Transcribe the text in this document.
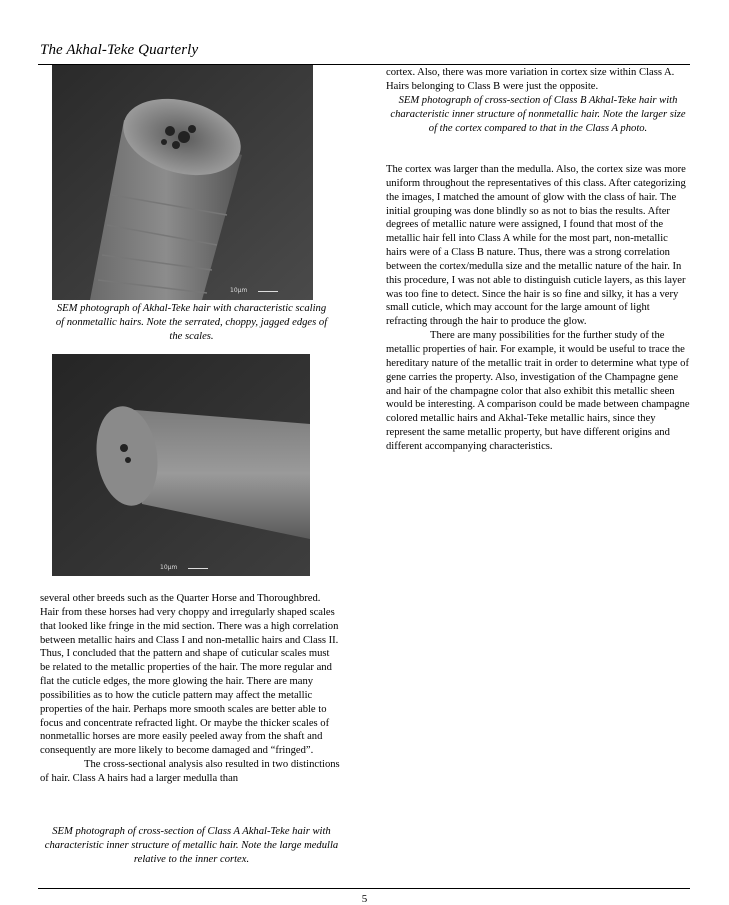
The Akhal-Teke Quarterly
10µm
SEM photograph of Akhal-Teke hair with characteristic scaling of nonmetallic hairs. Note the serrated, choppy, jagged edges of the scales.
10µm

several other breeds such as the Quarter Horse and Thoroughbred. Hair from these horses had very choppy and irregularly shaped scales that looked like fringe in the mid section. There was a high correlation between metallic hairs and Class I and non-metallic hairs and Class II. Thus, I concluded that the pattern and shape of cuticular scales must be related to the metallic properties of the hair. The more regular and flat the cuticle edges, the more glowing the hair. There are many possibilities as to how the cuticle pattern may affect the metallic properties of the hair. Perhaps more smooth scales are better able to focus and concentrate refracted light. Or maybe the thicker scales of nonmetallic horses are more easily peeled away from the shaft and consequently are more likely to become damaged and “fringed”.

The cross-sectional analysis also resulted in two distinctions of hair. Class A hairs had a larger medulla than

SEM photograph of cross-section of Class A Akhal-Teke hair with characteristic inner structure of metallic hair. Note the large medulla relative to the inner cortex.

cortex. Also, there was more variation in cortex size within Class A. Hairs belonging to Class B were just the opposite.

SEM photograph of cross-section of Class B Akhal-Teke hair with characteristic inner structure of nonmetallic hair. Note the larger size of the cortex compared to that in the Class A photo.

The cortex was larger than the medulla. Also, the cortex size was more uniform throughout the representatives of this class. After categorizing the images, I matched the amount of glow with the class of hair. The initial grouping was done blindly so as not to bias the results. After degrees of metallic nature were assigned, I found that most of the metallic hair fell into Class A while for the most part, non-metallic hairs were of a Class B nature. Thus, there was a strong correlation between the cortex/medulla size and the metallic nature of the hair. In this procedure, I was not able to distinguish cuticle layers, as this layer was too fine to detect. Since the hair is so fine and silky, it has a very small cuticle, which may account for the large amount of light refracting through the hair to produce the glow.

There are many possibilities for the further study of the metallic properties of hair. For example, it would be useful to trace the hereditary nature of the metallic trait in order to determine what type of gene carries the property. Also, investigation of the Champagne gene and hair of the champagne color that also exhibit this metallic sheen would be interesting. A comparison could be made between champagne colored metallic hairs and Akhal-Teke metallic hairs, since they represent the same metallic property, but have different origins and different accompanying characteristics.

5
